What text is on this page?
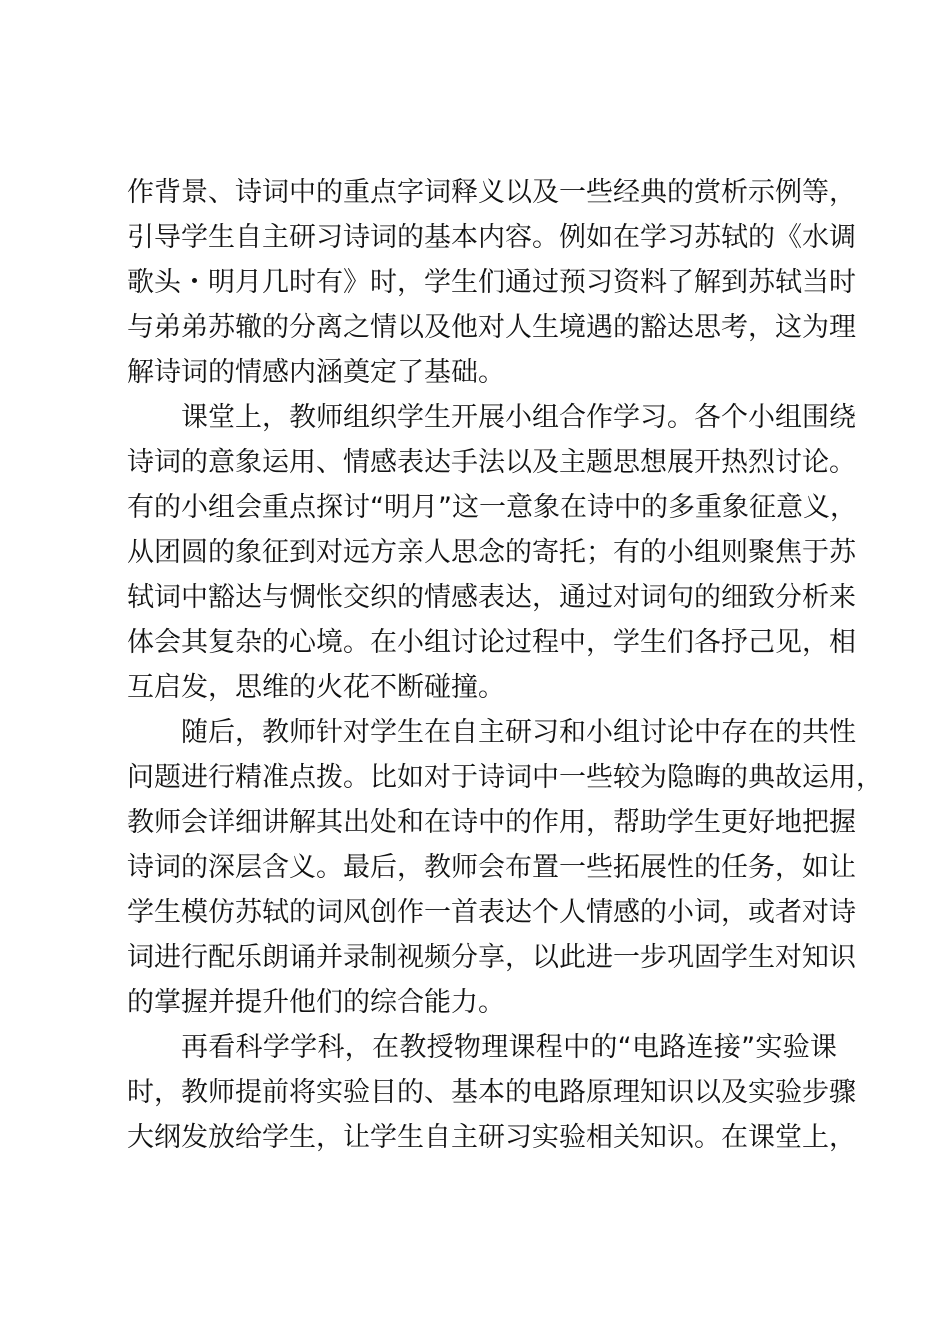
作背景、诗词中的重点字词释义以及一些经典的赏析示例等，
引导学生自主研习诗词的基本内容。例如在学习苏轼的《水调
歌头・明月几时有》时，学生们通过预习资料了解到苏轼当时
与弟弟苏辙的分离之情以及他对人生境遇的豁达思考，这为理
解诗词的情感内涵奠定了基础。
课堂上，教师组织学生开展小组合作学习。各个小组围绕
诗词的意象运用、情感表达手法以及主题思想展开热烈讨论。
有的小组会重点探讨“明月”这一意象在诗中的多重象征意义，
从团圆的象征到对远方亲人思念的寄托；有的小组则聚焦于苏
轼词中豁达与惆怅交织的情感表达，通过对词句的细致分析来
体会其复杂的心境。在小组讨论过程中，学生们各抒己见，相
互启发，思维的火花不断碰撞。
随后，教师针对学生在自主研习和小组讨论中存在的共性
问题进行精准点拨。比如对于诗词中一些较为隐晦的典故运用，
教师会详细讲解其出处和在诗中的作用，帮助学生更好地把握
诗词的深层含义。最后，教师会布置一些拓展性的任务，如让
学生模仿苏轼的词风创作一首表达个人情感的小词，或者对诗
词进行配乐朗诵并录制视频分享，以此进一步巩固学生对知识
的掌握并提升他们的综合能力。
再看科学学科，在教授物理课程中的“电路连接”实验课
时，教师提前将实验目的、基本的电路原理知识以及实验步骤
大纲发放给学生，让学生自主研习实验相关知识。在课堂上，
